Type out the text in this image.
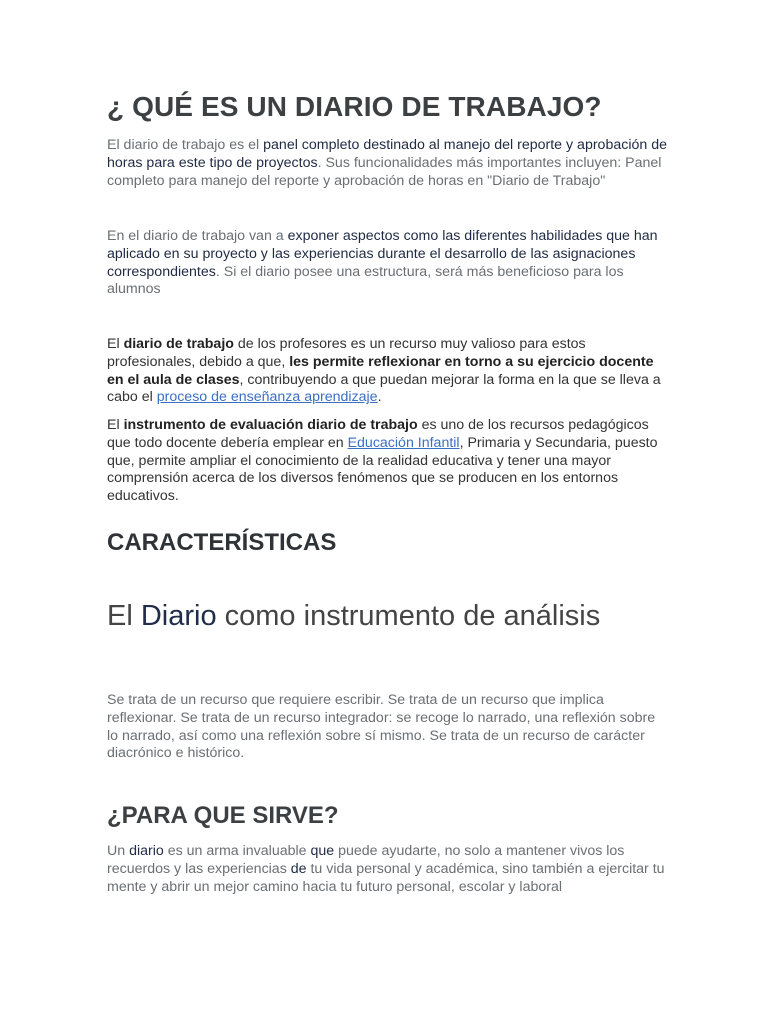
¿ QUÉ ES UN DIARIO DE TRABAJO?

El diario de trabajo es el panel completo destinado al manejo del reporte y aprobación de horas para este tipo de proyectos. Sus funcionalidades más importantes incluyen: Panel completo para manejo del reporte y aprobación de horas en "Diario de Trabajo"

En el diario de trabajo van a exponer aspectos como las diferentes habilidades que han aplicado en su proyecto y las experiencias durante el desarrollo de las asignaciones correspondientes. Si el diario posee una estructura, será más beneficioso para los alumnos

El diario de trabajo de los profesores es un recurso muy valioso para estos profesionales, debido a que, les permite reflexionar en torno a su ejercicio docente en el aula de clases, contribuyendo a que puedan mejorar la forma en la que se lleva a cabo el proceso de enseñanza aprendizaje.

El instrumento de evaluación diario de trabajo es uno de los recursos pedagógicos que todo docente debería emplear en Educación Infantil, Primaria y Secundaria, puesto que, permite ampliar el conocimiento de la realidad educativa y tener una mayor comprensión acerca de los diversos fenómenos que se producen en los entornos educativos.

CARACTERÍSTICAS
El Diario como instrumento de análisis

Se trata de un recurso que requiere escribir. Se trata de un recurso que implica reflexionar. Se trata de un recurso integrador: se recoge lo narrado, una reflexión sobre lo narrado, así como una reflexión sobre sí mismo. Se trata de un recurso de carácter diacrónico e histórico.

¿PARA QUE SIRVE?

Un diario es un arma invaluable que puede ayudarte, no solo a mantener vivos los recuerdos y las experiencias de tu vida personal y académica, sino también a ejercitar tu mente y abrir un mejor camino hacia tu futuro personal, escolar y laboral
